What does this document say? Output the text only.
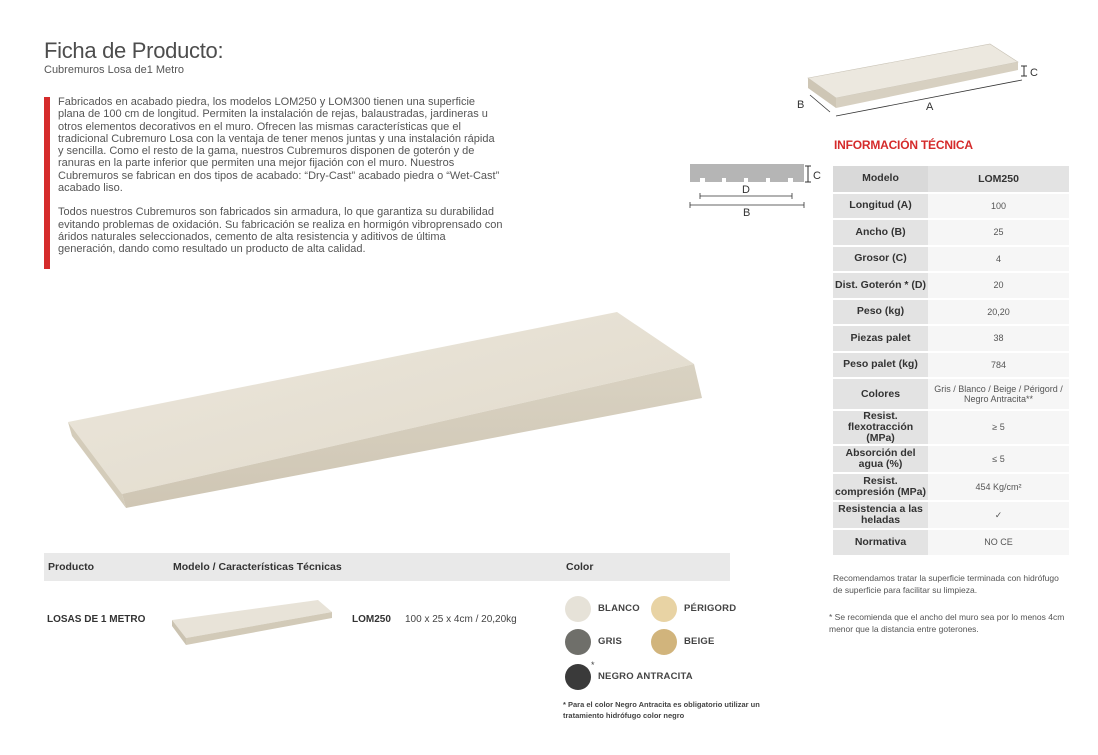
Ficha de Producto:
Cubremuros Losa de1 Metro

Fabricados en acabado piedra, los modelos LOM250 y LOM300 tienen una superficie plana de 100 cm de longitud. Permiten la instalación de rejas, balaustradas, jardineras u otros elementos decorativos en el muro. Ofrecen las mismas características que el tradicional Cubremuro Losa con la ventaja de tener menos juntas y una instalación rápida y sencilla. Como el resto de la gama, nuestros Cubremuros disponen de goterón y de ranuras en la parte inferior que permiten una mejor fijación con el muro. Nuestros Cubremuros se fabrican en dos tipos de acabado: “Dry-Cast” acabado piedra o “Wet-Cast” acabado liso.

Todos nuestros Cubremuros son fabricados sin armadura, lo que garantiza su durabilidad evitando problemas de oxidación. Su fabricación se realiza en hormigón vibroprensado con áridos naturales seleccionados, cemento de alta resistencia y aditivos de última generación, dando como resultado un producto de alta calidad.

C
B	A
C
D
B
INFORMACIÓN TÉCNICA
Modelo	LOM250
Longitud (A)	100
Ancho (B)	25
Grosor (C)	4
Dist. Goterón * (D)	20
Peso (kg)	20,20
Piezas palet	38
Peso palet (kg)	784
Colores	Gris / Blanco / Beige / Périgord / Negro Antracita**
Resist. flexotracción (MPa)	≥ 5
Absorción del agua (%)	≤ 5
Resist. compresión (MPa)	454 Kg/cm²
Resistencia a las heladas	✓
Normativa	NO CE
Recomendamos tratar la superficie terminada con hidrófugo de superficie para facilitar su limpieza.
* Se recomienda que el ancho del muro sea por lo menos 4cm menor que la distancia entre goterones.
Producto	Modelo / Características Técnicas	Color
LOSAS DE 1 METRO	LOM250 100 x 25 x 4cm / 20,20kg
BLANCO	PÉRIGORD
GRIS	BEIGE
*
NEGRO ANTRACITA
* Para el color Negro Antracita es obligatorio utilizar un tratamiento hidrófugo color negro
